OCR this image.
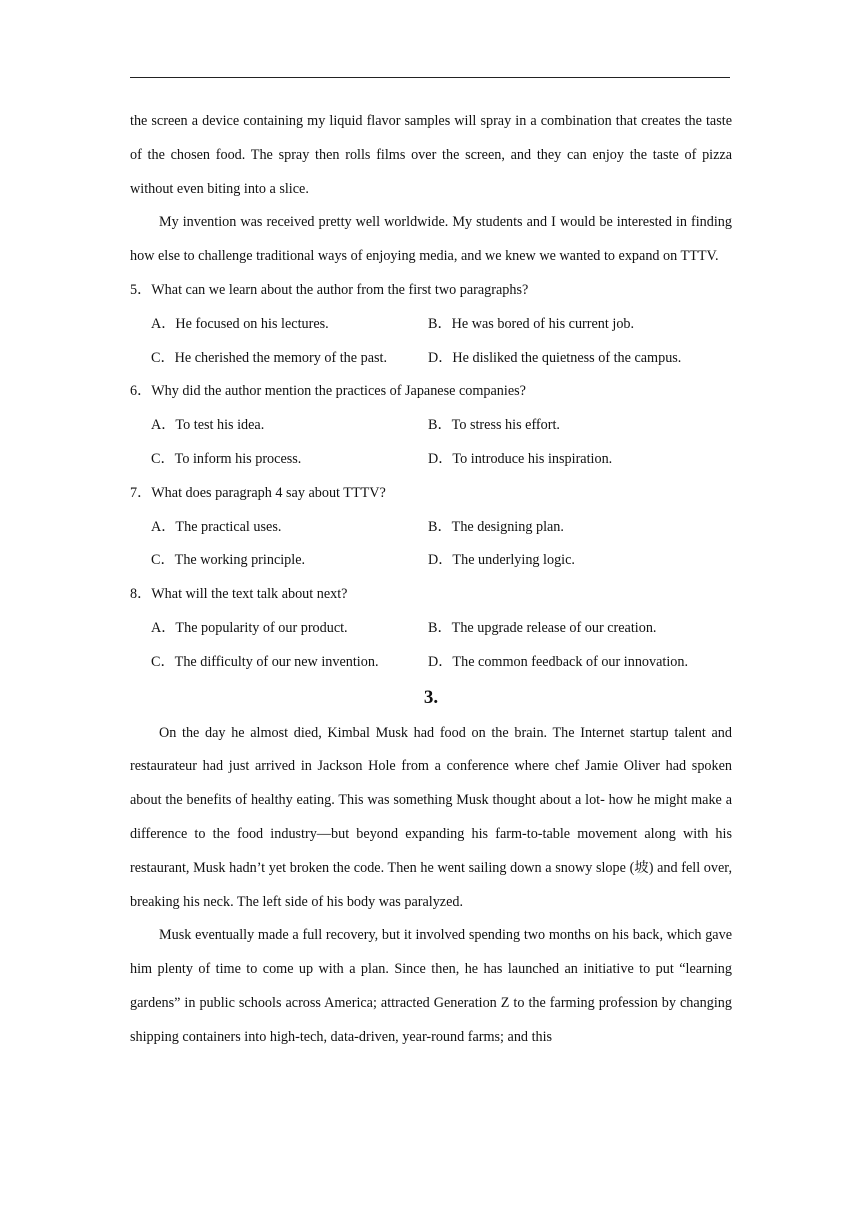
the screen a device containing my liquid flavor samples will spray in a combination that creates the taste of the chosen food. The spray then rolls films over the screen, and they can enjoy the taste of pizza without even biting into a slice.

My invention was received pretty well worldwide. My students and I would be interested in finding how else to challenge traditional ways of enjoying media, and we knew we wanted to expand on TTTV.

5．What can we learn about the author from the first two paragraphs?
A．He focused on his lectures.	B．He was bored of his current job.
C．He cherished the memory of the past.	D．He disliked the quietness of the campus.
6．Why did the author mention the practices of Japanese companies?
A．To test his idea.	B．To stress his effort.
C．To inform his process.	D．To introduce his inspiration.
7．What does paragraph 4 say about TTTV?
A．The practical uses.	B．The designing plan.
C．The working principle.	D．The underlying logic.
8．What will the text talk about next?
A．The popularity of our product.	B．The upgrade release of our creation.
C．The difficulty of our new invention.	D．The common feedback of our innovation.
3.

On the day he almost died, Kimbal Musk had food on the brain. The Internet startup talent and restaurateur had just arrived in Jackson Hole from a conference where chef Jamie Oliver had spoken about the benefits of healthy eating. This was something Musk thought about a lot- how he might make a difference to the food industry—but beyond expanding his farm-to-table movement along with his restaurant, Musk hadn’t yet broken the code. Then he went sailing down a snowy slope (坡) and fell over, breaking his neck. The left side of his body was paralyzed.

Musk eventually made a full recovery, but it involved spending two months on his back, which gave him plenty of time to come up with a plan. Since then, he has launched an initiative to put “learning gardens” in public schools across America; attracted Generation Z to the farming profession by changing shipping containers into high-tech, data-driven, year-round farms; and this
